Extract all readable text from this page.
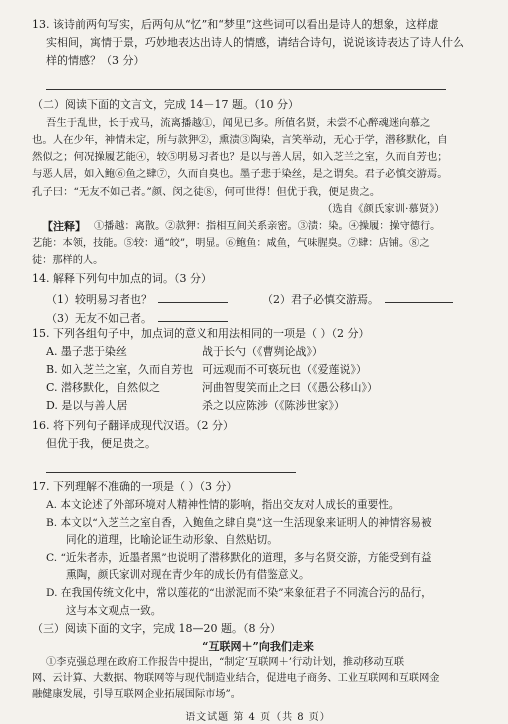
13. 该诗前两句写实，后两句从“忆”和“梦里”这些词可以看出是诗人的想象，这样虚
实相间，寓情于景，巧妙地表达出诗人的情感，请结合诗句，说说该诗表达了诗人什么
样的情感？（3 分）
（二）阅读下面的文言文，完成 14－17 题。（10 分）
吾生于乱世，长于戎马，流离播越①，闻见已多。所值名贤，未尝不心醉魂迷向慕之
也。人在少年，神情未定，所与款狎②，熏渍③陶染，言笑举动，无心于学，潜移默化，自
然似之；何况操履艺能④，较⑤明易习者也？是以与善人居，如入芝兰之室，久而自芳也；
与恶人居，如入鲍⑥鱼之肆⑦，久而自臭也。墨子悲于染丝，是之谓矣。君子必慎交游焉。
孔子曰：“无友不如己者。”颜、闵之徒⑧，何可世得！但优于我，便足贵之。
（选自《颜氏家训·慕贤》）
【注释】 ①播越：离散。②款狎：指相互间关系亲密。③渍：染。④操履：操守德行。
艺能：本领，技能。⑤较：通“皎”，明显。⑥鲍鱼：咸鱼，气味腥臭。⑦肆：店铺。⑧之
徒：那样的人。
14. 解释下列句中加点的词。（3 分）
（1）较明易习者也？	（2）君子必慎交游焉。
（3）无友不如己者。
15. 下列各组句子中，加点词的意义和用法相同的一项是（ ）（2 分）
A. 墨子悲于染丝	战于长勺（《曹刿论战》）
B. 如入芝兰之室，久而自芳也 可远观而不可亵玩也（《爱莲说》）
C. 潜移默化，自然似之	河曲智叟笑而止之曰（《愚公移山》）
D. 是以与善人居	杀之以应陈涉（《陈涉世家》）
16. 将下列句子翻译成现代汉语。（2 分）
但优于我，便足贵之。
17. 下列理解不准确的一项是（ ）（3 分）
A. 本文论述了外部环境对人精神性情的影响，指出交友对人成长的重要性。
B. 本文以“入芝兰之室自香，入鲍鱼之肆自臭”这一生活现象来证明人的神情容易被
同化的道理，比喻论证生动形象、自然贴切。
C. “近朱者赤，近墨者黑”也说明了潜移默化的道理，多与名贤交游，方能受到有益
熏陶，颜氏家训对现在青少年的成长仍有借鉴意义。
D. 在我国传统文化中，常以莲花的“出淤泥而不染”来象征君子不同流合污的品行，
这与本文观点一致。
（三）阅读下面的文字，完成 18—20 题。（8 分）
“互联网＋”向我们走来
①李克强总理在政府工作报告中提出，“制定‘互联网＋’行动计划，推动移动互联
网、云计算、大数据、物联网等与现代制造业结合，促进电子商务、工业互联网和互联网金
融健康发展，引导互联网企业拓展国际市场”。
语文试题 第 4 页（共 8 页）
